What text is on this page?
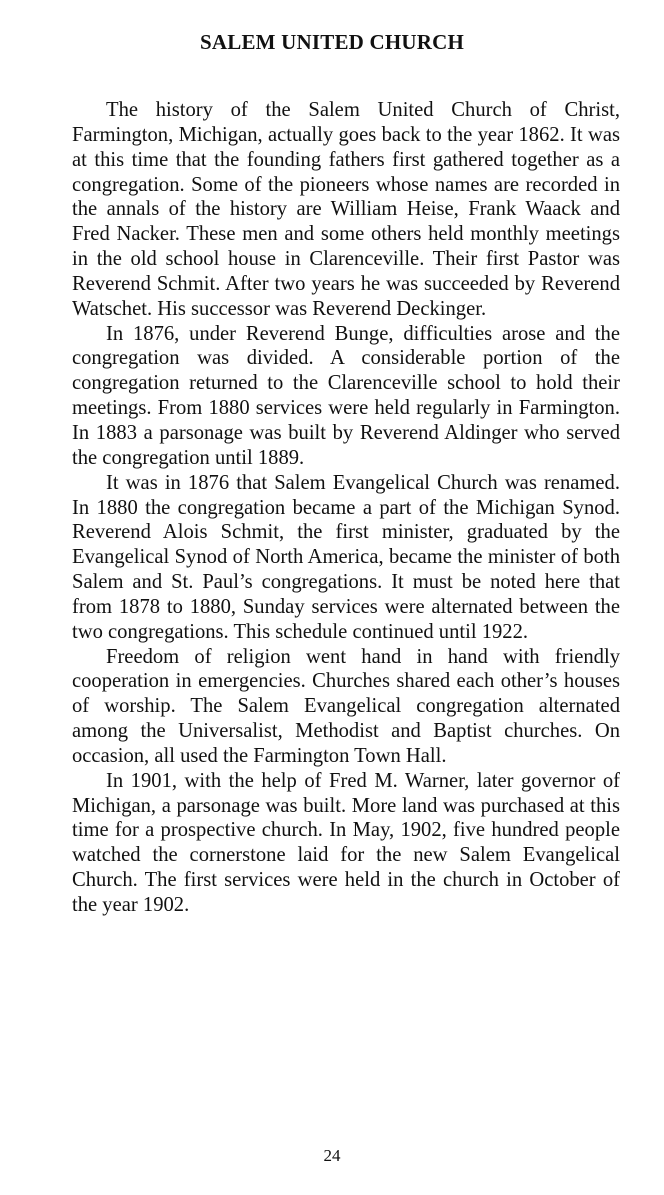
SALEM UNITED CHURCH

The history of the Salem United Church of Christ, Farmington, Michigan, actually goes back to the year 1862. It was at this time that the founding fathers first gathered together as a congregation. Some of the pioneers whose names are recorded in the annals of the history are William Heise, Frank Waack and Fred Nacker. These men and some others held monthly meetings in the old school house in Clarenceville. Their first Pastor was Reverend Schmit. After two years he was succeeded by Reverend Watschet. His successor was Reverend Deckinger.

In 1876, under Reverend Bunge, difficulties arose and the congregation was divided. A considerable portion of the congregation returned to the Clarenceville school to hold their meetings. From 1880 services were held regularly in Farmington. In 1883 a parsonage was built by Reverend Aldinger who served the congregation until 1889.

It was in 1876 that Salem Evangelical Church was renamed. In 1880 the congregation became a part of the Michigan Synod. Reverend Alois Schmit, the first minister, graduated by the Evangelical Synod of North America, became the minister of both Salem and St. Paul’s congregations. It must be noted here that from 1878 to 1880, Sunday services were alternated between the two congregations. This schedule continued until 1922.

Freedom of religion went hand in hand with friendly cooperation in emergencies. Churches shared each other’s houses of worship. The Salem Evangelical congregation alternated among the Universalist, Methodist and Baptist churches. On occasion, all used the Farmington Town Hall.

In 1901, with the help of Fred M. Warner, later governor of Michigan, a parsonage was built. More land was purchased at this time for a prospective church. In May, 1902, five hundred people watched the cornerstone laid for the new Salem Evangelical Church. The first services were held in the church in October of the year 1902.

24
